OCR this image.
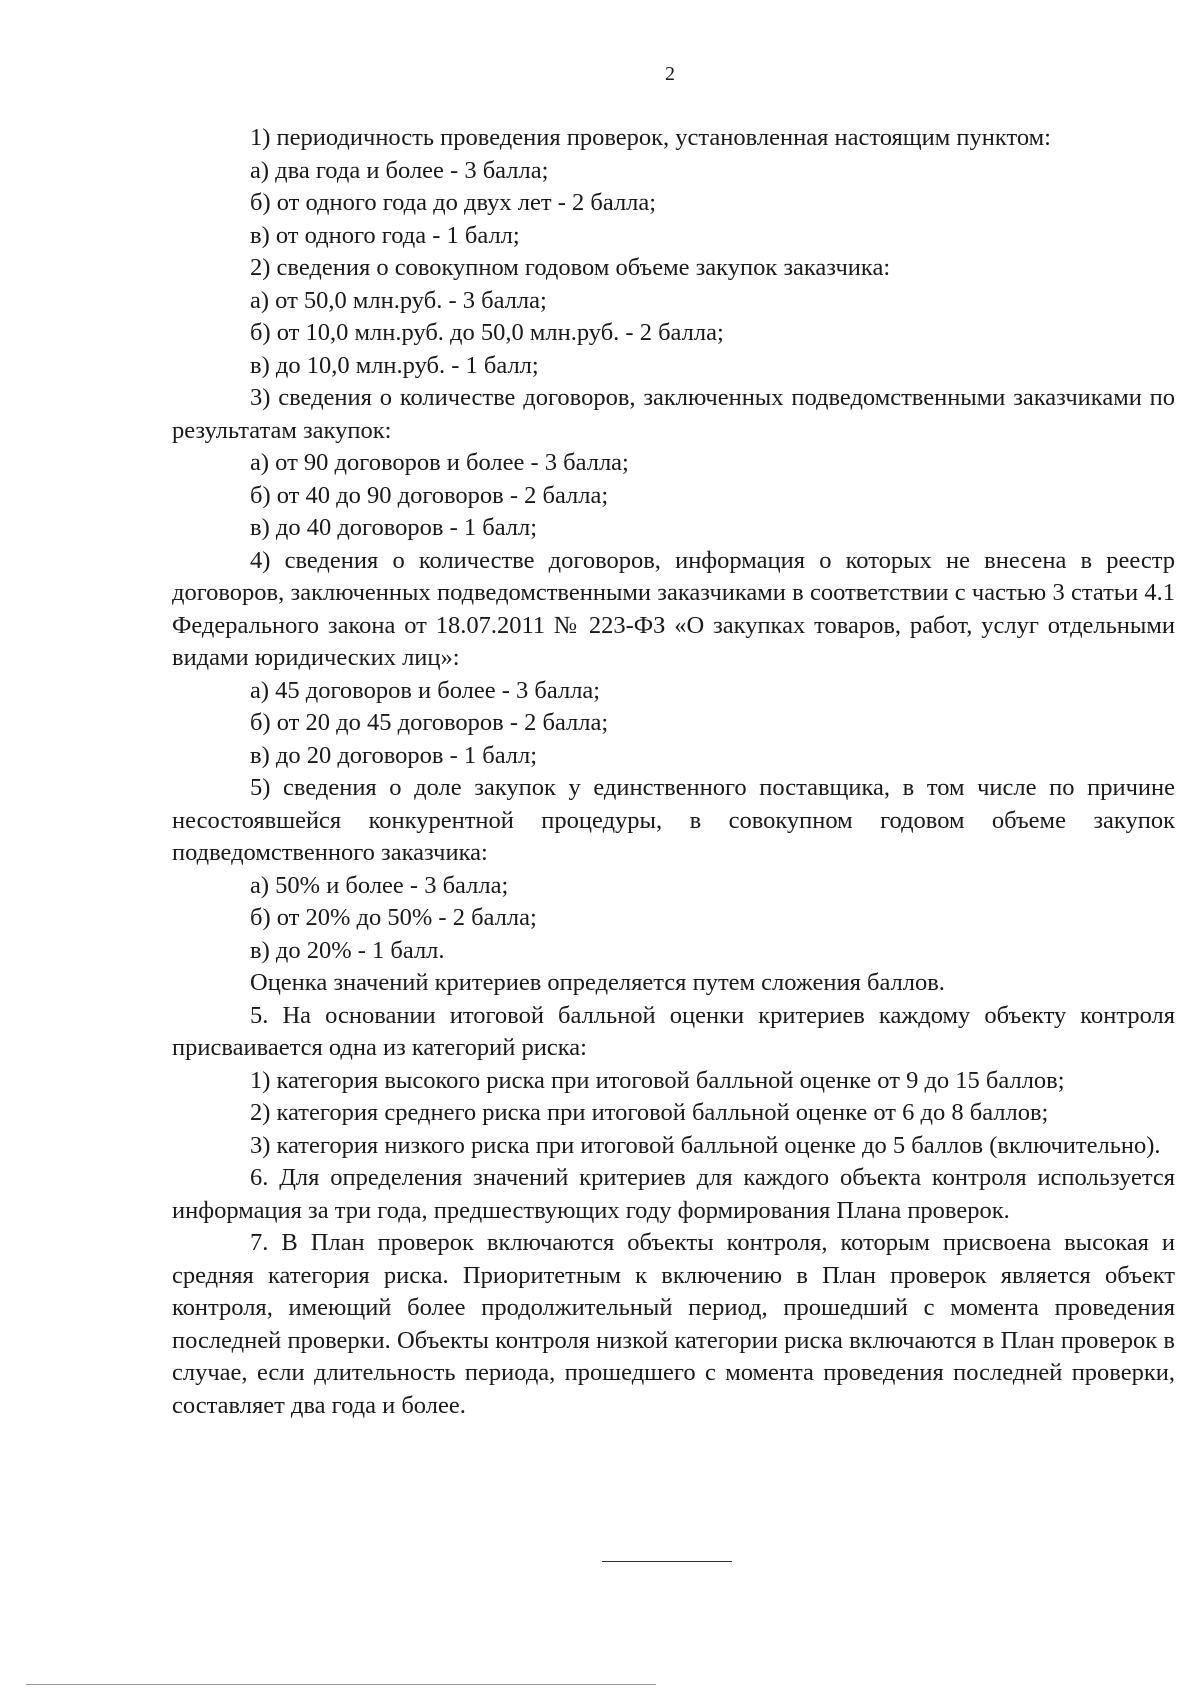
2

1) периодичность проведения проверок, установленная настоящим пунктом:

а) два года и более - 3 балла;

б) от одного года до двух лет - 2 балла;

в) от одного года - 1 балл;

2) сведения о совокупном годовом объеме закупок заказчика:

а) от 50,0 млн.руб. - 3 балла;

б) от 10,0 млн.руб. до 50,0 млн.руб. - 2 балла;

в) до 10,0 млн.руб. - 1 балл;

3) сведения о количестве договоров, заключенных подведомственными заказчиками по результатам закупок:

а) от 90 договоров и более - 3 балла;

б) от 40 до 90 договоров - 2 балла;

в) до 40 договоров - 1 балл;

4) сведения о количестве договоров, информация о которых не внесена в реестр договоров, заключенных подведомственными заказчиками в соответствии с частью 3 статьи 4.1 Федерального закона от 18.07.2011 № 223-ФЗ «О закупках товаров, работ, услуг отдельными видами юридических лиц»:

а) 45 договоров и более - 3 балла;

б) от 20 до 45 договоров - 2 балла;

в) до 20 договоров - 1 балл;

5) сведения о доле закупок у единственного поставщика, в том числе по причине несостоявшейся конкурентной процедуры, в совокупном годовом объеме закупок подведомственного заказчика:

а) 50% и более - 3 балла;

б) от 20% до 50% - 2 балла;

в) до 20% - 1 балл.

Оценка значений критериев определяется путем сложения баллов.

5. На основании итоговой балльной оценки критериев каждому объекту контроля присваивается одна из категорий риска:

1) категория высокого риска при итоговой балльной оценке от 9 до 15 баллов;

2) категория среднего риска при итоговой балльной оценке от 6 до 8 баллов;

3) категория низкого риска при итоговой балльной оценке до 5 баллов (включительно).

6. Для определения значений критериев для каждого объекта контроля используется информация за три года, предшествующих году формирования Плана проверок.

7. В План проверок включаются объекты контроля, которым присвоена высокая и средняя категория риска. Приоритетным к включению в План проверок является объект контроля, имеющий более продолжительный период, прошедший с момента проведения последней проверки. Объекты контроля низкой категории риска включаются в План проверок в случае, если длительность периода, прошедшего с момента проведения последней проверки, составляет два года и более.
